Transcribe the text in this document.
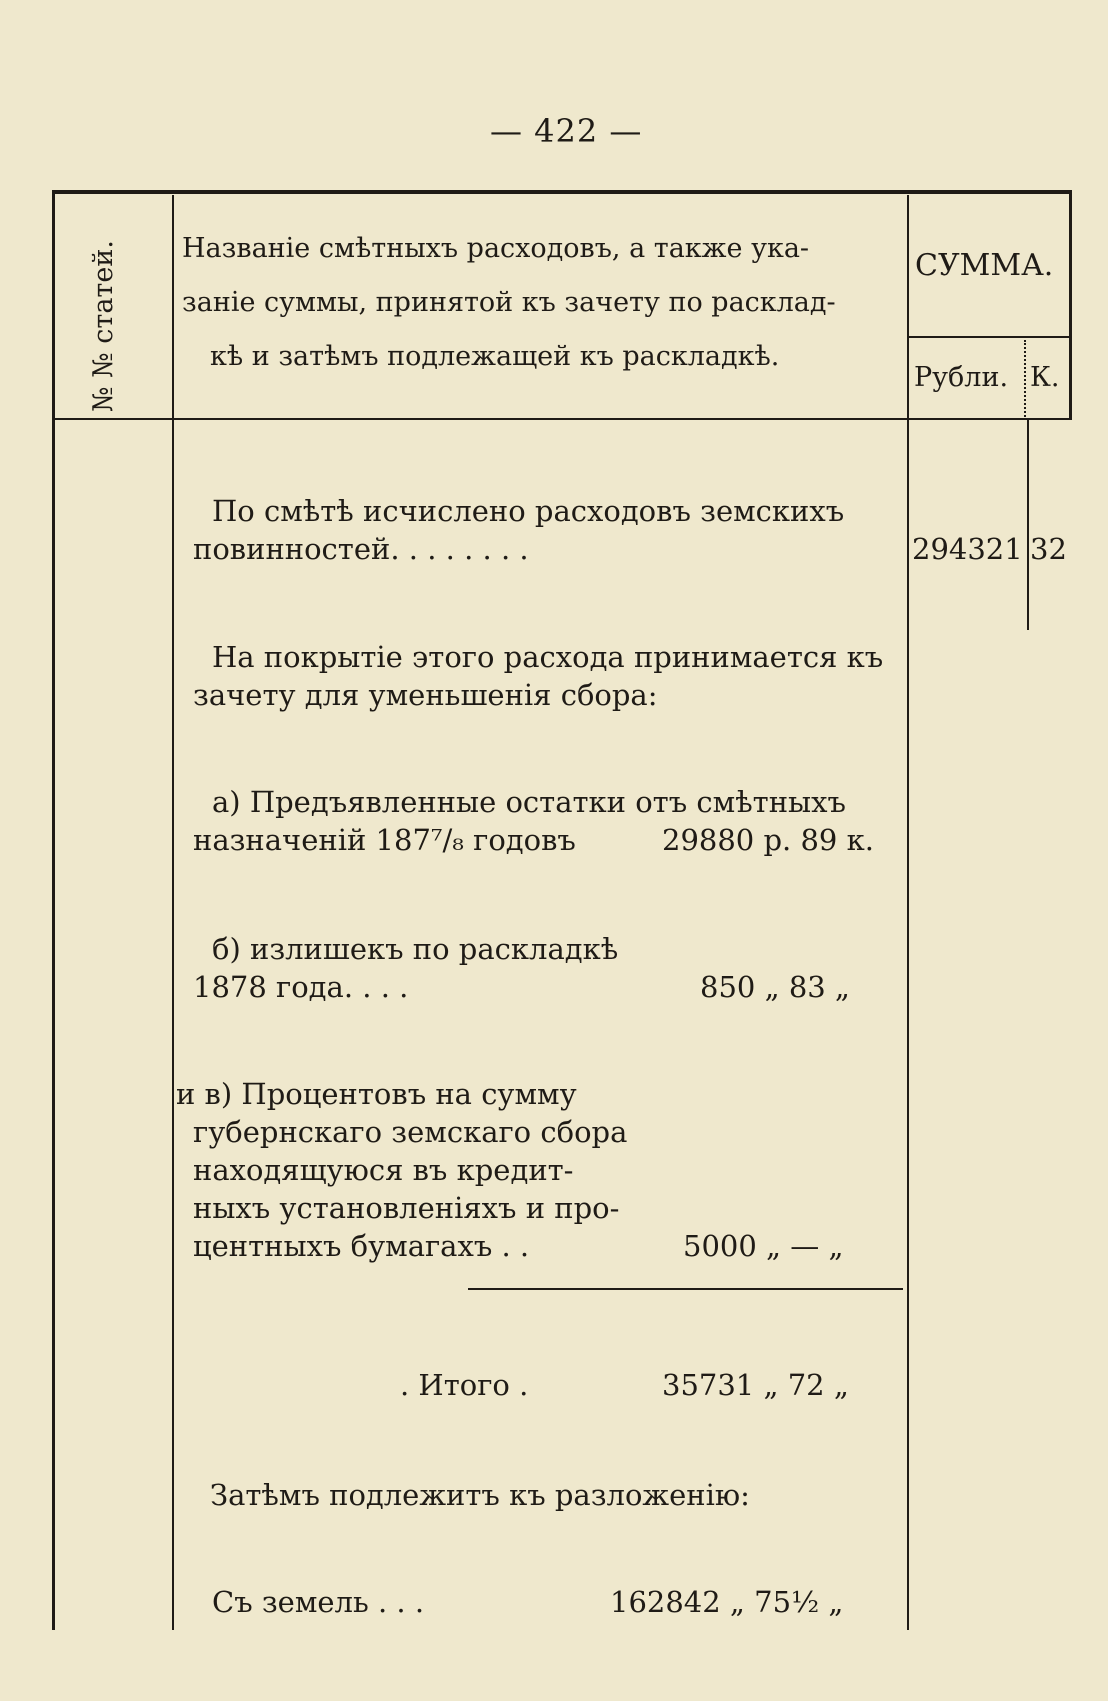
— 422 —
№ № статей. Названіе смѣтныхъ расходовъ, а также ука-
заніе суммы, принятой къ зачету по расклад-
кѣ и затѣмъ подлежащей къ раскладкѣ.
СУММА.
Рубли. К.
По смѣтѣ исчислено расходовъ земскихъ
повинностей. . . . . . . .	294321 32
На покрытіе этого расхода принимается къ
зачету для уменьшенія сбора:
а) Предъявленные остатки отъ смѣтныхъ
назначеній 187⁷/₈ годовъ	29880 р. 89 к.
б) излишекъ по раскладкѣ
1878 года. . . .	850 „ 83 „
и в) Процентовъ на сумму
губернскаго земскаго сбора
находящуюся въ кредит-
ныхъ установленіяхъ и про-
центныхъ бумагахъ . .	5000 „ — „
. Итого .	35731 „ 72 „
Затѣмъ подлежитъ къ разложенію:
Съ земель . . .	162842 „ 75½ „
